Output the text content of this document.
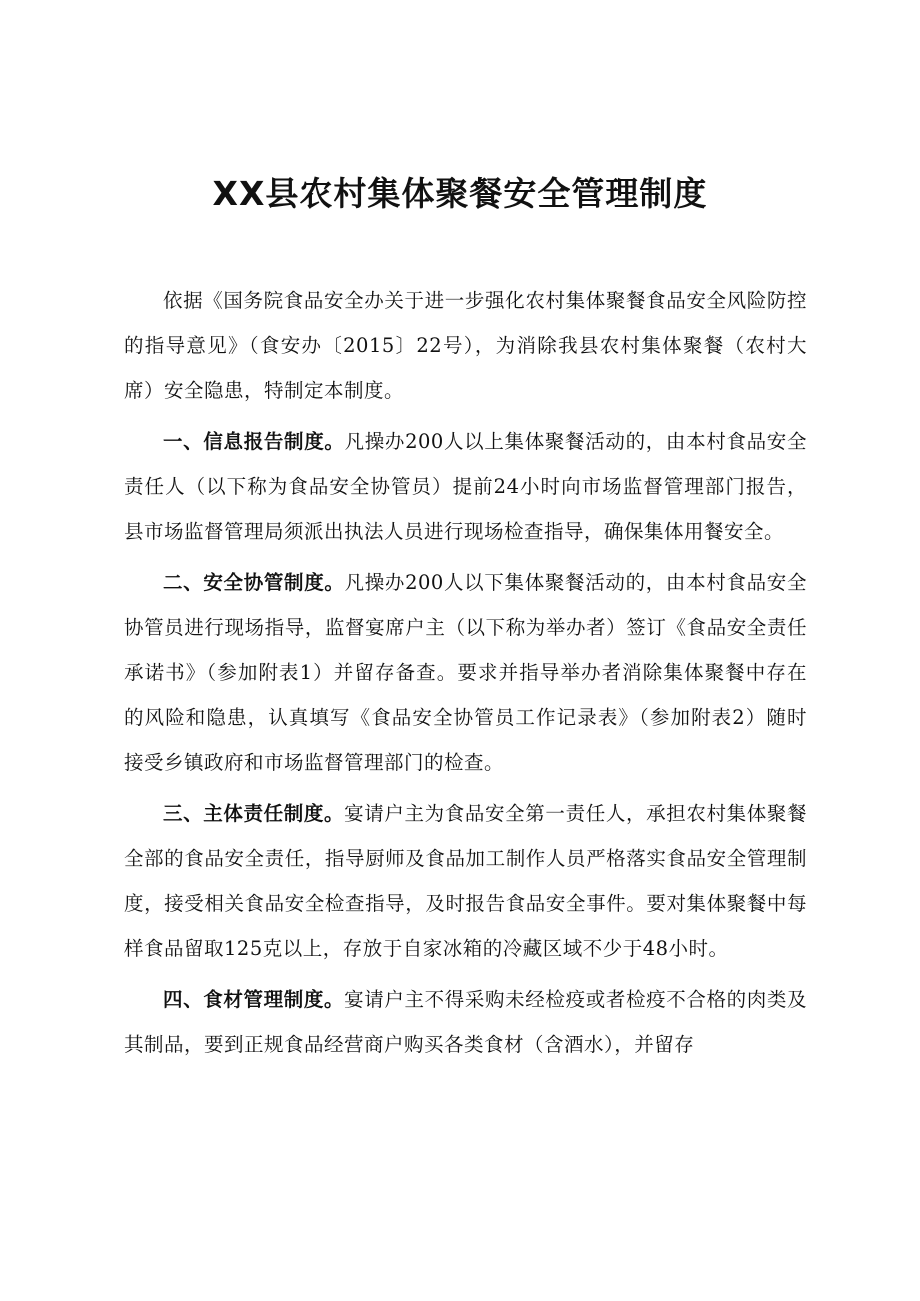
XX县农村集体聚餐安全管理制度

依据《国务院食品安全办关于进一步强化农村集体聚餐食品安全风险防控的指导意见》（食安办〔2015〕22号），为消除我县农村集体聚餐（农村大席）安全隐患，特制定本制度。

一、信息报告制度。凡操办200人以上集体聚餐活动的，由本村食品安全责任人（以下称为食品安全协管员）提前24小时向市场监督管理部门报告，县市场监督管理局须派出执法人员进行现场检查指导，确保集体用餐安全。

二、安全协管制度。凡操办200人以下集体聚餐活动的，由本村食品安全协管员进行现场指导，监督宴席户主（以下称为举办者）签订《食品安全责任承诺书》（参加附表1）并留存备查。要求并指导举办者消除集体聚餐中存在的风险和隐患，认真填写《食品安全协管员工作记录表》（参加附表2）随时接受乡镇政府和市场监督管理部门的检查。

三、主体责任制度。宴请户主为食品安全第一责任人，承担农村集体聚餐全部的食品安全责任，指导厨师及食品加工制作人员严格落实食品安全管理制度，接受相关食品安全检查指导，及时报告食品安全事件。要对集体聚餐中每样食品留取125克以上，存放于自家冰箱的冷藏区域不少于48小时。

四、食材管理制度。宴请户主不得采购未经检疫或者检疫不合格的肉类及其制品，要到正规食品经营商户购买各类食材（含酒水），并留存
